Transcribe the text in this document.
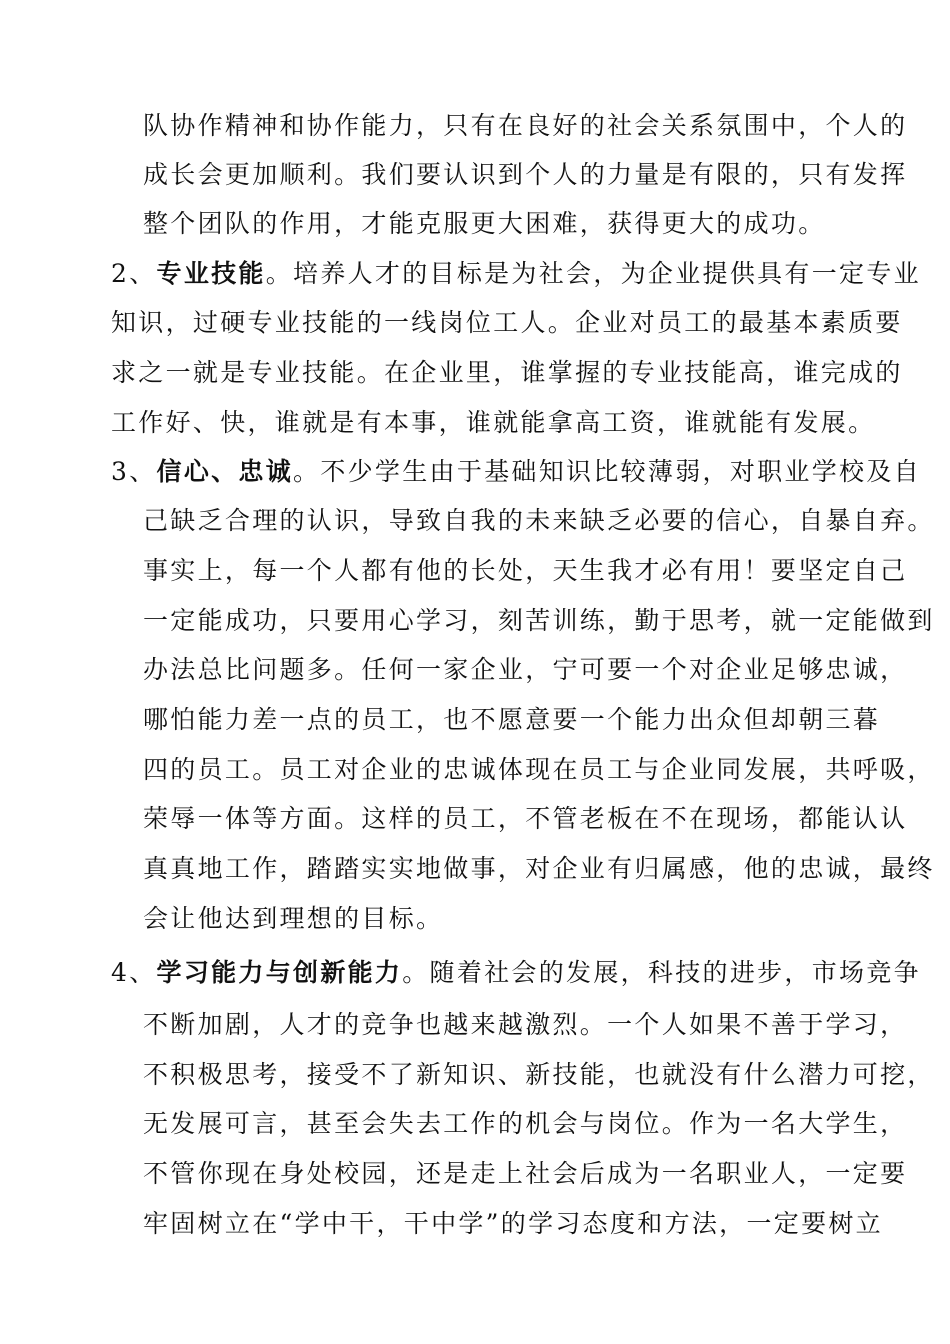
队协作精神和协作能力，只有在良好的社会关系氛围中，个人的
成长会更加顺利。我们要认识到个人的力量是有限的，只有发挥
整个团队的作用，才能克服更大困难，获得更大的成功。
2、专业技能。培养人才的目标是为社会，为企业提供具有一定专业
知识，过硬专业技能的一线岗位工人。企业对员工的最基本素质要
求之一就是专业技能。在企业里，谁掌握的专业技能高，谁完成的
工作好、快，谁就是有本事，谁就能拿高工资，谁就能有发展。
3、信心、忠诚。不少学生由于基础知识比较薄弱，对职业学校及自
己缺乏合理的认识，导致自我的未来缺乏必要的信心，自暴自弃。
事实上，每一个人都有他的长处，天生我才必有用！要坚定自己
一定能成功，只要用心学习，刻苦训练，勤于思考，就一定能做到
办法总比问题多。任何一家企业，宁可要一个对企业足够忠诚，
哪怕能力差一点的员工，也不愿意要一个能力出众但却朝三暮
四的员工。员工对企业的忠诚体现在员工与企业同发展，共呼吸，
荣辱一体等方面。这样的员工，不管老板在不在现场，都能认认
真真地工作，踏踏实实地做事，对企业有归属感，他的忠诚，最终
会让他达到理想的目标。
4、学习能力与创新能力。随着社会的发展，科技的进步，市场竞争
不断加剧，人才的竞争也越来越激烈。一个人如果不善于学习，
不积极思考，接受不了新知识、新技能，也就没有什么潜力可挖，
无发展可言，甚至会失去工作的机会与岗位。作为一名大学生，
不管你现在身处校园，还是走上社会后成为一名职业人，一定要
牢固树立在“学中干，干中学”的学习态度和方法，一定要树立
